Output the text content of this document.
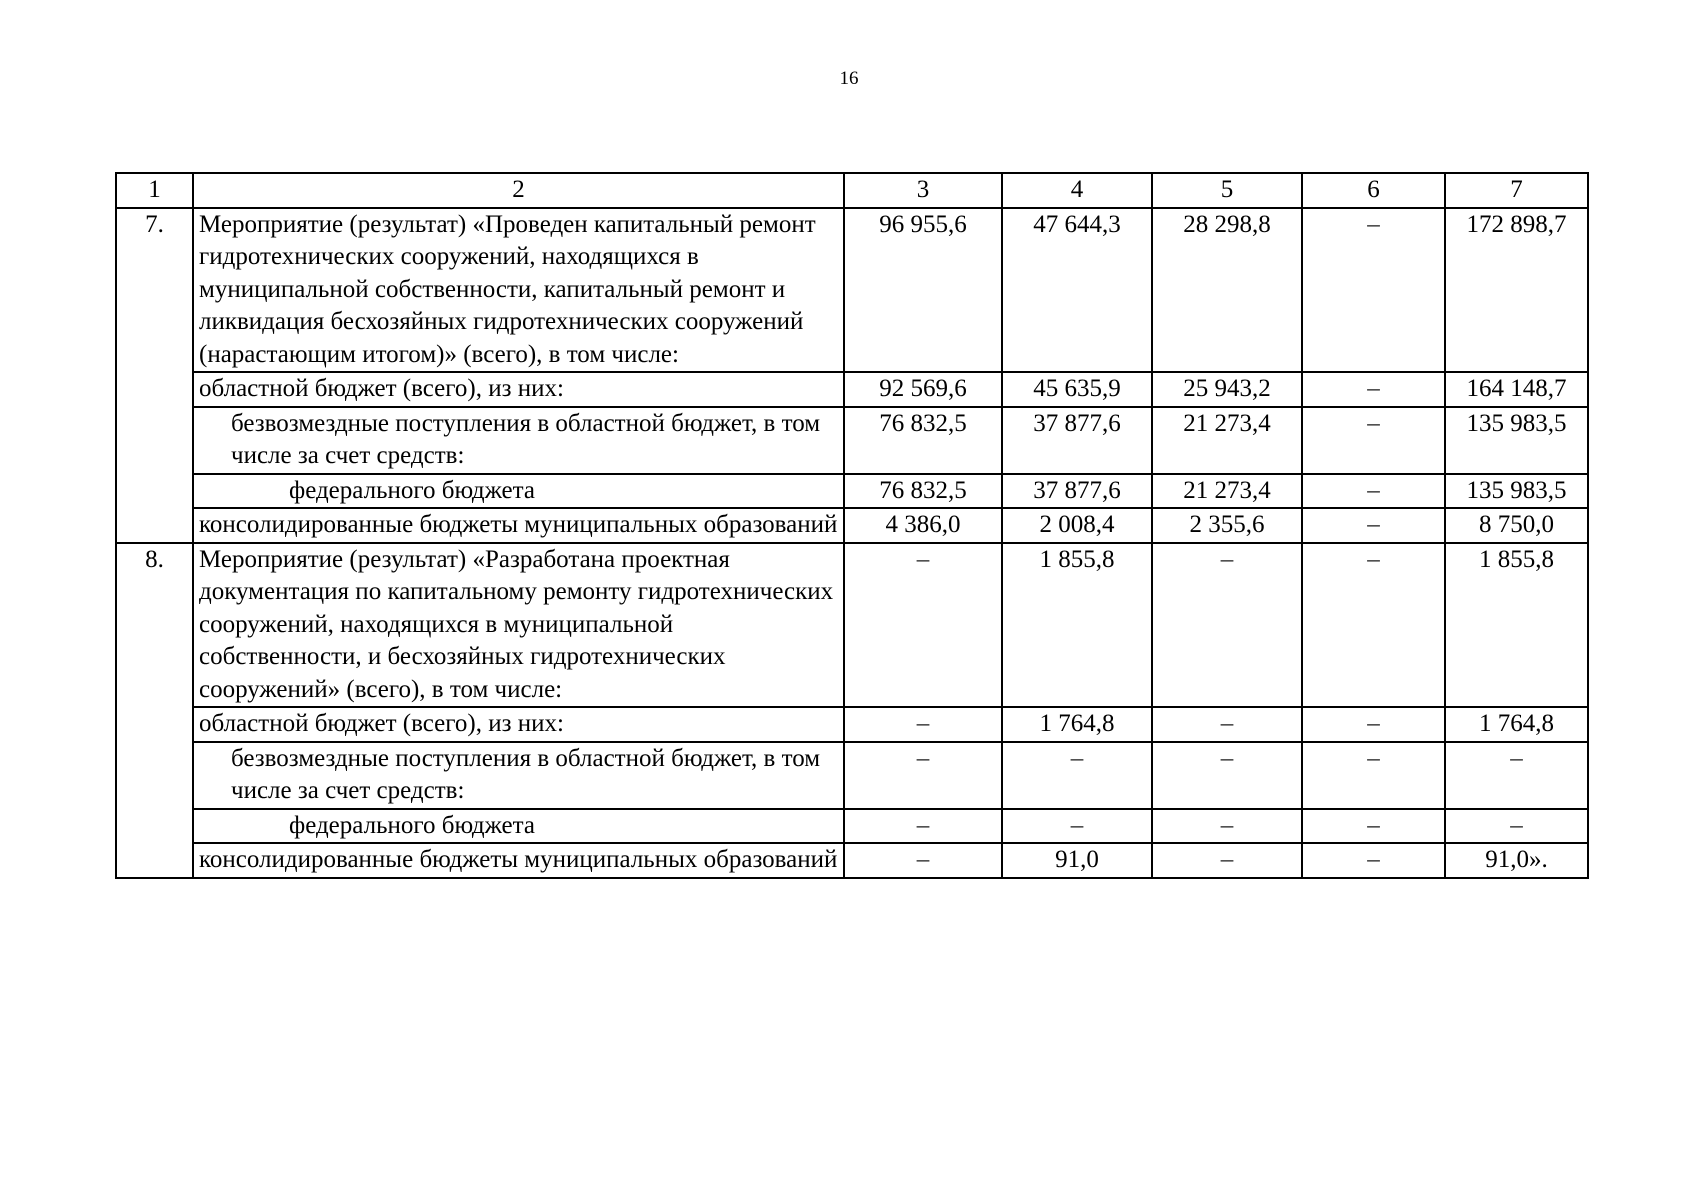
16
1	2	3	4	5	6	7
7.	Мероприятие (результат) «Проведен капитальный ремонт гидротехнических сооружений, находящихся в муниципальной собственности, капитальный ремонт и ликвидация бесхозяйных гидротехнических сооружений (нарастающим итогом)» (всего), в том числе:	96 955,6	47 644,3	28 298,8	–	172 898,7
	областной бюджет (всего), из них:	92 569,6	45 635,9	25 943,2	–	164 148,7
	безвозмездные поступления в областной бюджет, в том числе за счет средств:	76 832,5	37 877,6	21 273,4	–	135 983,5
	федерального бюджета	76 832,5	37 877,6	21 273,4	–	135 983,5
	консолидированные бюджеты муниципальных образований	4 386,0	2 008,4	2 355,6	–	8 750,0
8.	Мероприятие (результат) «Разработана проектная документация по капитальному ремонту гидротехнических сооружений, находящихся в муниципальной собственности, и бесхозяйных гидротехнических сооружений» (всего), в том числе:	–	1 855,8	–	–	1 855,8
	областной бюджет (всего), из них:	–	1 764,8	–	–	1 764,8
	безвозмездные поступления в областной бюджет, в том числе за счет средств:	–	–	–	–	–
	федерального бюджета	–	–	–	–	–
	консолидированные бюджеты муниципальных образований	–	91,0	–	–	91,0».
